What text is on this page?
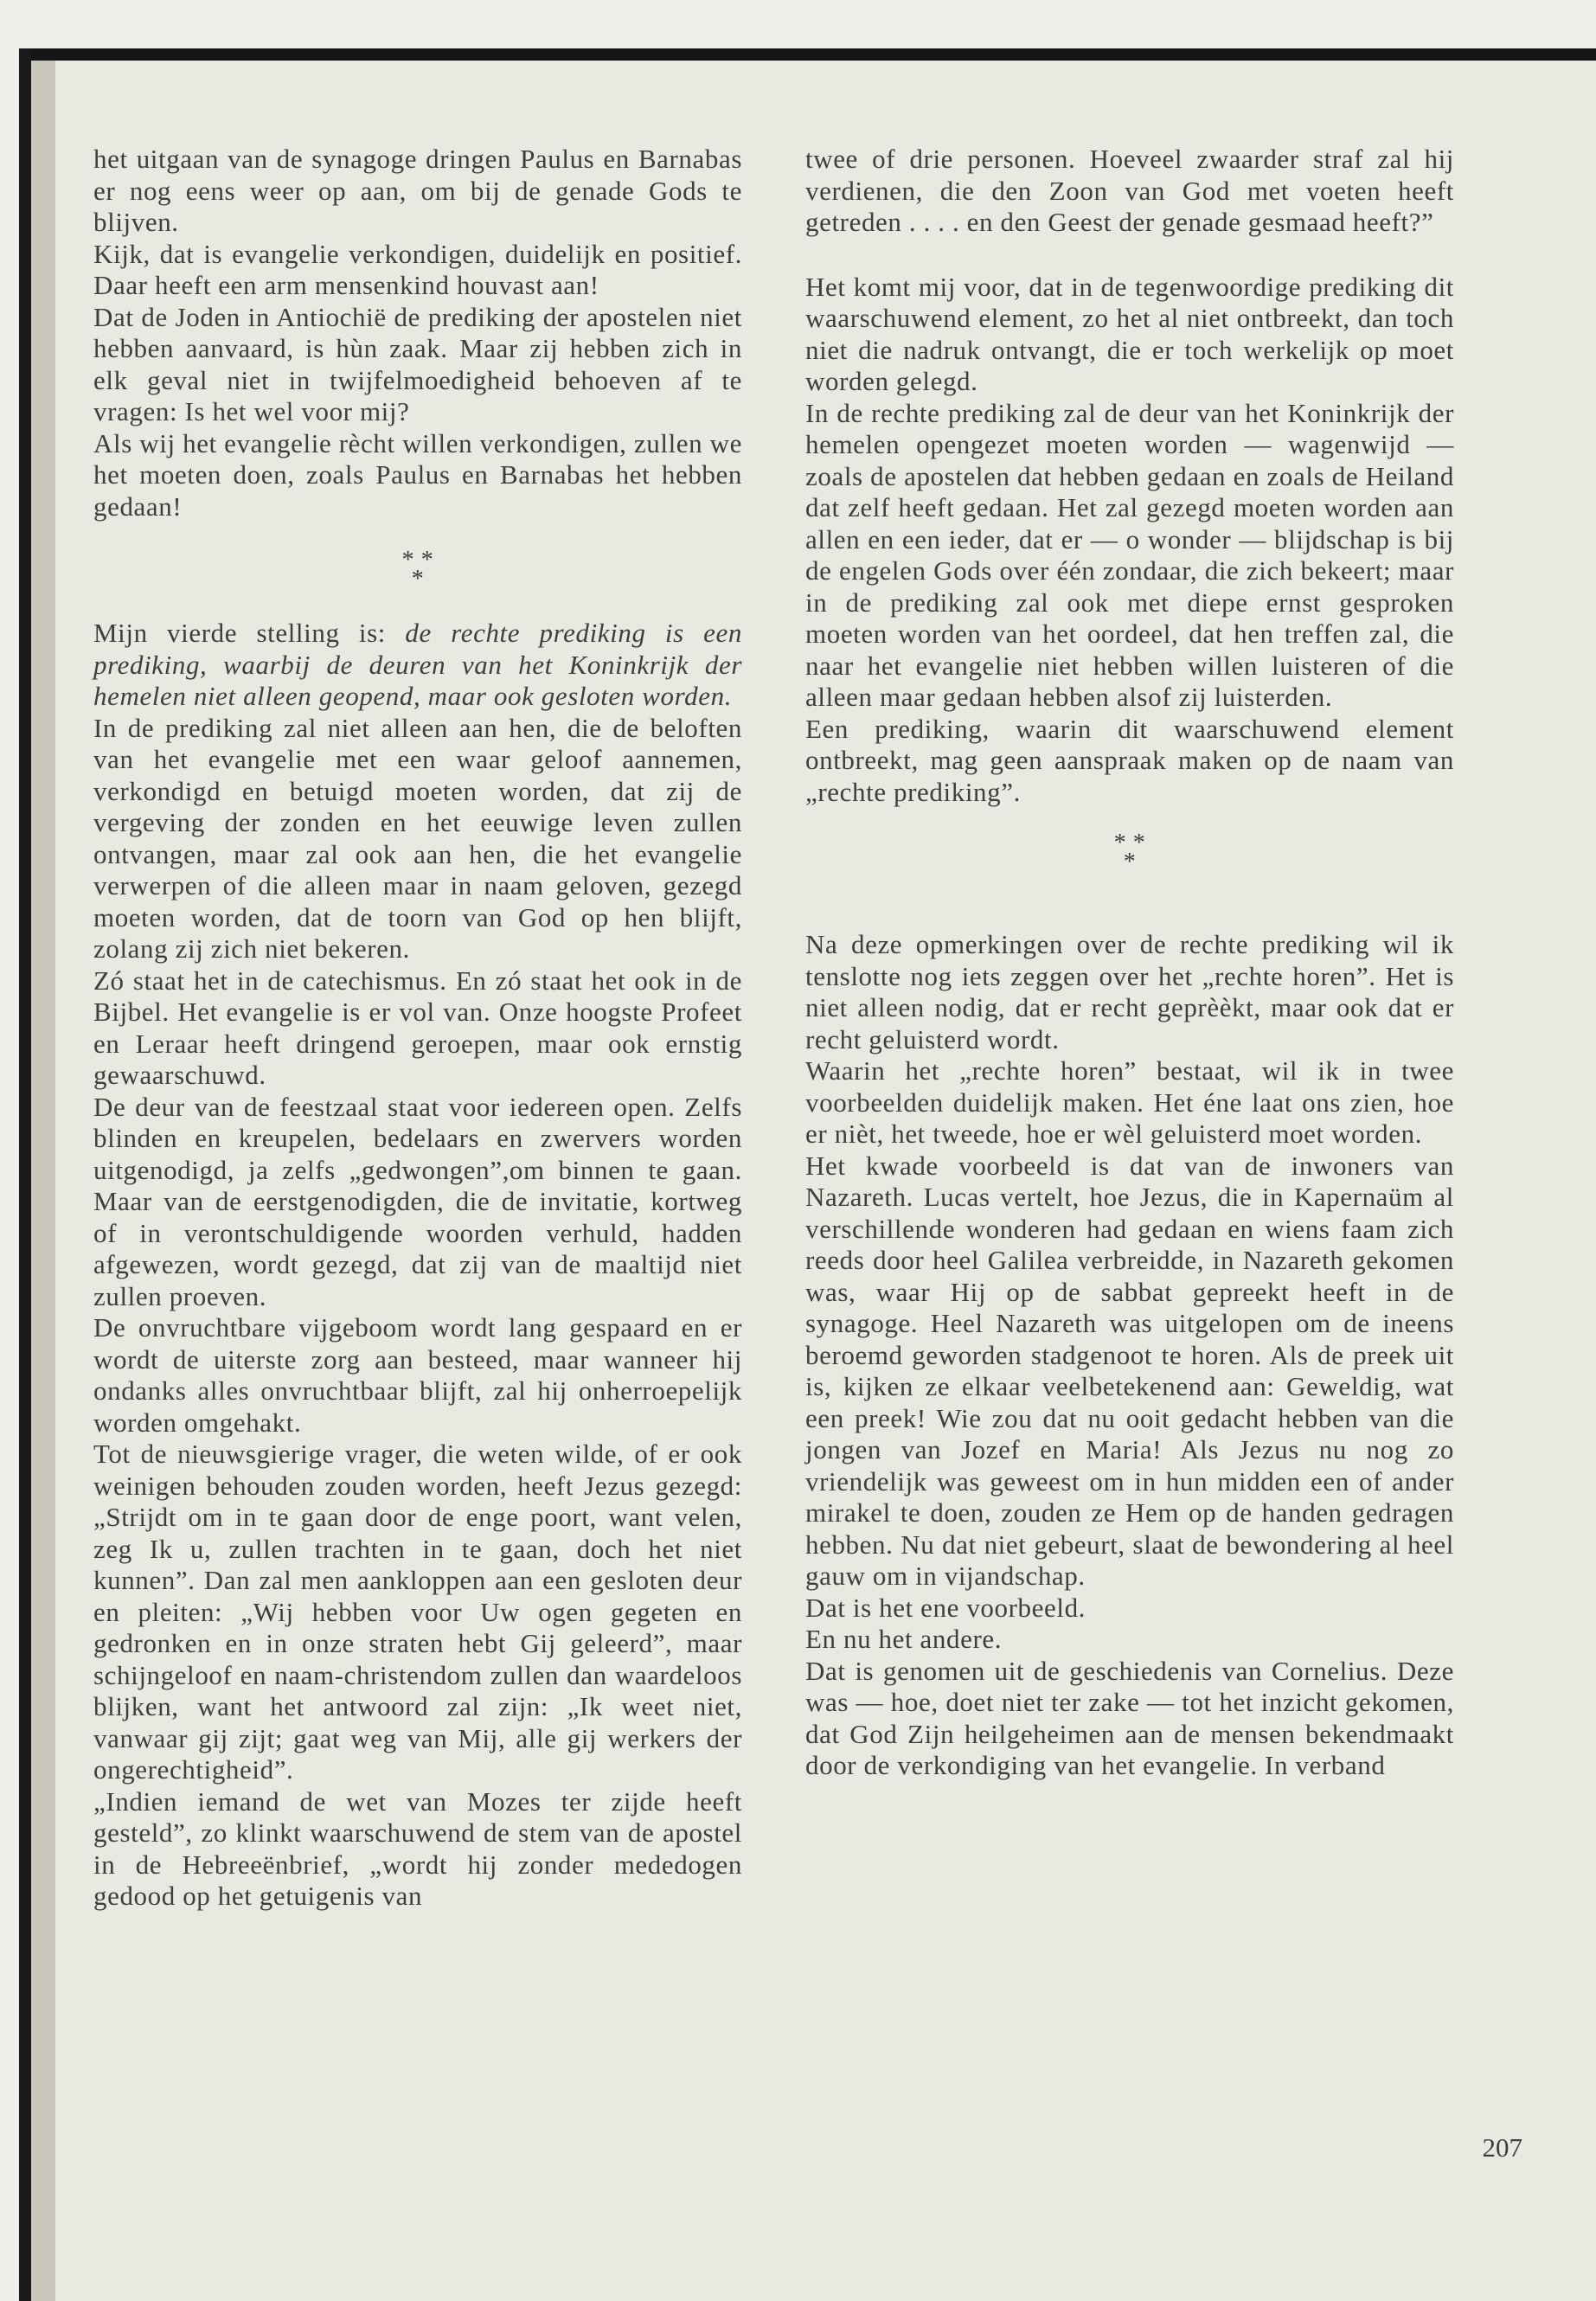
het uitgaan van de synagoge dringen Paulus en Barnabas er nog eens weer op aan, om bij de genade Gods te blijven.

Kijk, dat is evangelie verkondigen, duidelijk en positief. Daar heeft een arm mensenkind houvast aan!

Dat de Joden in Antiochië de prediking der apostelen niet hebben aanvaard, is hùn zaak. Maar zij hebben zich in elk geval niet in twijfelmoedigheid behoeven af te vragen: Is het wel voor mij?

Als wij het evangelie rècht willen verkondigen, zullen we het moeten doen, zoals Paulus en Barnabas het hebben gedaan!

* *
*

Mijn vierde stelling is: de rechte prediking is een prediking, waarbij de deuren van het Koninkrijk der hemelen niet alleen geopend, maar ook gesloten worden.

In de prediking zal niet alleen aan hen, die de beloften van het evangelie met een waar geloof aannemen, verkondigd en betuigd moeten worden, dat zij de vergeving der zonden en het eeuwige leven zullen ontvangen, maar zal ook aan hen, die het evangelie verwerpen of die alleen maar in naam geloven, gezegd moeten worden, dat de toorn van God op hen blijft, zolang zij zich niet bekeren.

Zó staat het in de catechismus. En zó staat het ook in de Bijbel. Het evangelie is er vol van. Onze hoogste Profeet en Leraar heeft dringend geroepen, maar ook ernstig gewaarschuwd.

De deur van de feestzaal staat voor iedereen open. Zelfs blinden en kreupelen, bedelaars en zwervers worden uitgenodigd, ja zelfs „gedwongen”,om binnen te gaan. Maar van de eerstgenodigden, die de invitatie, kortweg of in verontschuldigende woorden verhuld, hadden afgewezen, wordt gezegd, dat zij van de maaltijd niet zullen proeven.

De onvruchtbare vijgeboom wordt lang gespaard en er wordt de uiterste zorg aan besteed, maar wanneer hij ondanks alles onvruchtbaar blijft, zal hij onherroepelijk worden omgehakt.

Tot de nieuwsgierige vrager, die weten wilde, of er ook weinigen behouden zouden worden, heeft Jezus gezegd: „Strijdt om in te gaan door de enge poort, want velen, zeg Ik u, zullen trachten in te gaan, doch het niet kunnen”. Dan zal men aankloppen aan een gesloten deur en pleiten: „Wij hebben voor Uw ogen gegeten en gedronken en in onze straten hebt Gij geleerd”, maar schijngeloof en naam-christendom zullen dan waardeloos blijken, want het antwoord zal zijn: „Ik weet niet, vanwaar gij zijt; gaat weg van Mij, alle gij werkers der ongerechtigheid”.

„Indien iemand de wet van Mozes ter zijde heeft gesteld”, zo klinkt waarschuwend de stem van de apostel in de Hebreeënbrief, „wordt hij zonder mededogen gedood op het getuigenis van

twee of drie personen. Hoeveel zwaarder straf zal hij verdienen, die den Zoon van God met voeten heeft getreden . . . . en den Geest der genade gesmaad heeft?”

Het komt mij voor, dat in de tegenwoordige prediking dit waarschuwend element, zo het al niet ontbreekt, dan toch niet die nadruk ontvangt, die er toch werkelijk op moet worden gelegd.

In de rechte prediking zal de deur van het Koninkrijk der hemelen opengezet moeten worden — wagenwijd — zoals de apostelen dat hebben gedaan en zoals de Heiland dat zelf heeft gedaan. Het zal gezegd moeten worden aan allen en een ieder, dat er — o wonder — blijdschap is bij de engelen Gods over één zondaar, die zich bekeert; maar in de prediking zal ook met diepe ernst gesproken moeten worden van het oordeel, dat hen treffen zal, die naar het evangelie niet hebben willen luisteren of die alleen maar gedaan hebben alsof zij luisterden.

Een prediking, waarin dit waarschuwend element ontbreekt, mag geen aanspraak maken op de naam van „rechte prediking”.

* *
*

Na deze opmerkingen over de rechte prediking wil ik tenslotte nog iets zeggen over het „rechte horen”. Het is niet alleen nodig, dat er recht geprèèkt, maar ook dat er recht geluisterd wordt.

Waarin het „rechte horen” bestaat, wil ik in twee voorbeelden duidelijk maken. Het éne laat ons zien, hoe er nièt, het tweede, hoe er wèl geluisterd moet worden.

Het kwade voorbeeld is dat van de inwoners van Nazareth. Lucas vertelt, hoe Jezus, die in Kapernaüm al verschillende wonderen had gedaan en wiens faam zich reeds door heel Galilea verbreidde, in Nazareth gekomen was, waar Hij op de sabbat gepreekt heeft in de synagoge. Heel Nazareth was uitgelopen om de ineens beroemd geworden stadgenoot te horen. Als de preek uit is, kijken ze elkaar veelbetekenend aan: Geweldig, wat een preek! Wie zou dat nu ooit gedacht hebben van die jongen van Jozef en Maria! Als Jezus nu nog zo vriendelijk was geweest om in hun midden een of ander mirakel te doen, zouden ze Hem op de handen gedragen hebben. Nu dat niet gebeurt, slaat de bewondering al heel gauw om in vijandschap.

Dat is het ene voorbeeld.

En nu het andere.

Dat is genomen uit de geschiedenis van Cornelius. Deze was — hoe, doet niet ter zake — tot het inzicht gekomen, dat God Zijn heilgeheimen aan de mensen bekendmaakt door de verkondiging van het evangelie. In verband

207
